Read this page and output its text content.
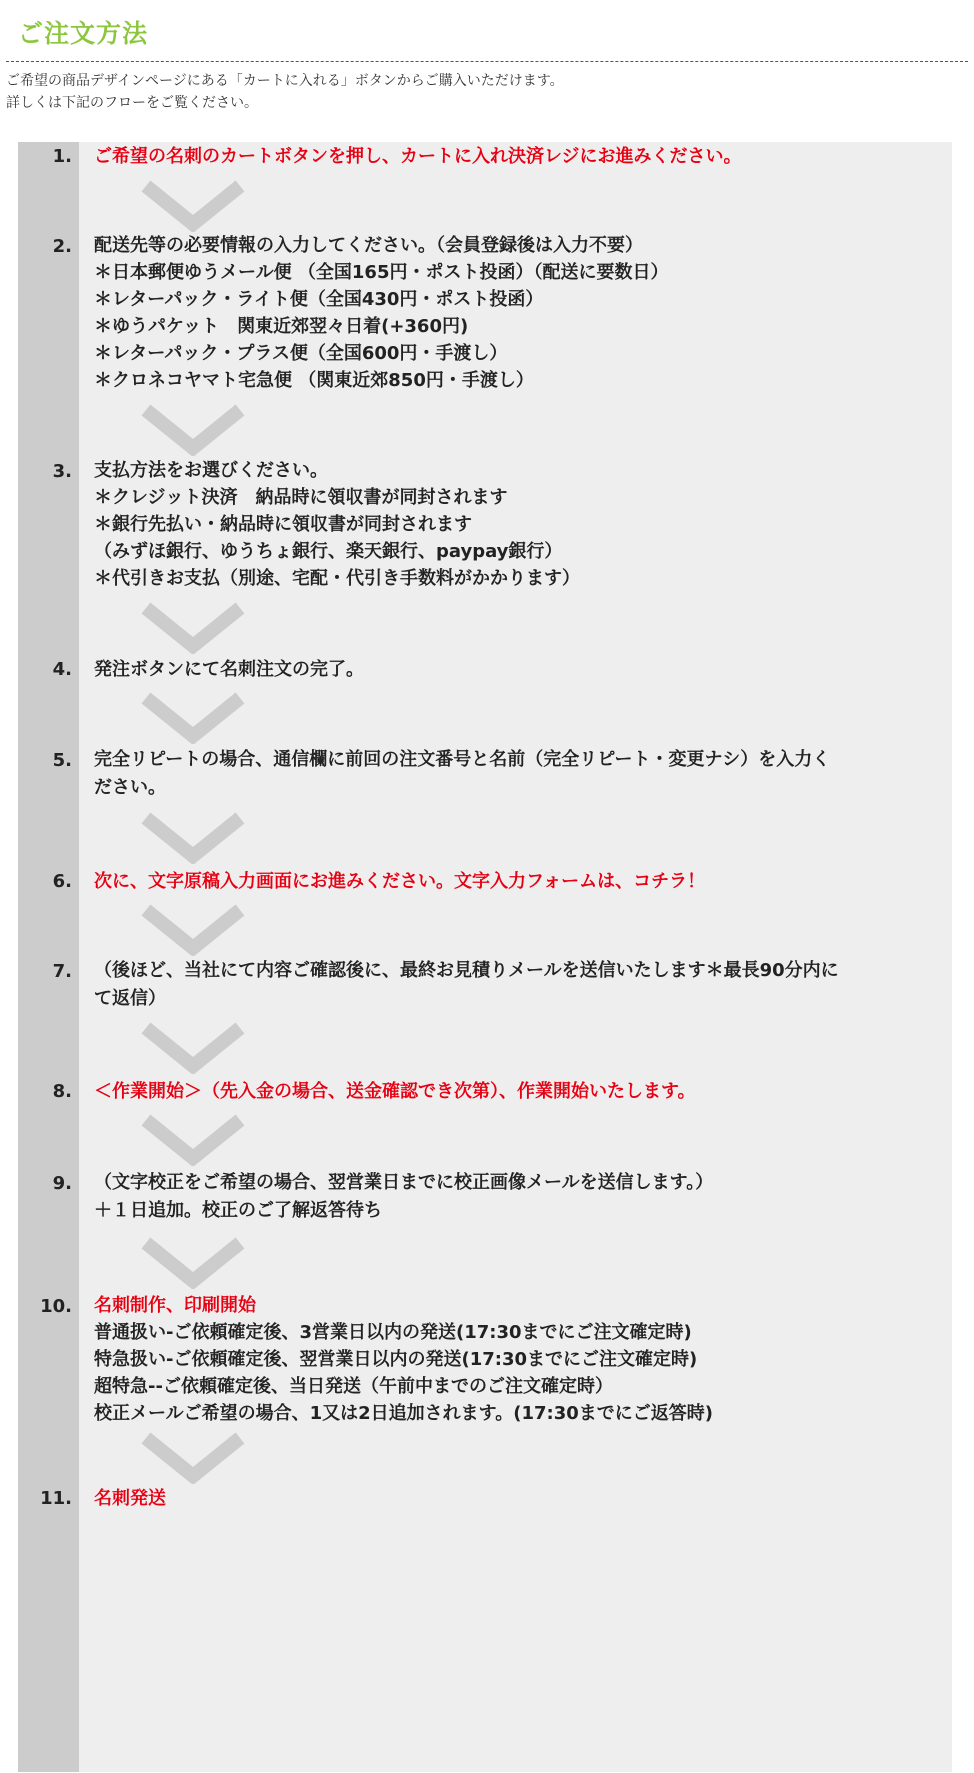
ご注文方法
ご希望の商品デザインページにある「カートに入れる」ボタンからご購入いただけます。
詳しくは下記のフローをご覧ください。
1. ご希望の名刺のカートボタンを押し、カートに入れ決済レジにお進みください。
2. 配送先等の必要情報の入力してください。（会員登録後は入力不要）
＊日本郵便ゆうメール便 （全国165円・ポスト投函）（配送に要数日）
＊レターパック・ライト便（全国430円・ポスト投函）
＊ゆうパケット　関東近郊翌々日着(+360円)
＊レターパック・プラス便（全国600円・手渡し）
＊クロネコヤマト宅急便 （関東近郊850円・手渡し）
3. 支払方法をお選びください。
＊クレジット決済　納品時に領収書が同封されます
＊銀行先払い・納品時に領収書が同封されます
（みずほ銀行、ゆうちょ銀行、楽天銀行、paypay銀行）
＊代引きお支払（別途、宅配・代引き手数料がかかります）
4. 発注ボタンにて名刺注文の完了。
5. 完全リピートの場合、通信欄に前回の注文番号と名前（完全リピート・変更ナシ）を入力ください。
6. 次に、文字原稿入力画面にお進みください。文字入力フォームは、コチラ！
7. （後ほど、当社にて内容ご確認後に、最終お見積りメールを送信いたします＊最長90分内にて返信）
8. ＜作業開始＞（先入金の場合、送金確認でき次第）、作業開始いたします。
9. （文字校正をご希望の場合、翌営業日までに校正画像メールを送信します。）
＋１日追加。校正のご了解返答待ち
10. 名刺制作、印刷開始
普通扱い-ご依頼確定後、3営業日以内の発送(17:30までにご注文確定時)
特急扱い-ご依頼確定後、翌営業日以内の発送(17:30までにご注文確定時)
超特急--ご依頼確定後、当日発送（午前中までのご注文確定時）
校正メールご希望の場合、1又は2日追加されます。(17:30までにご返答時)
11. 名刺発送
